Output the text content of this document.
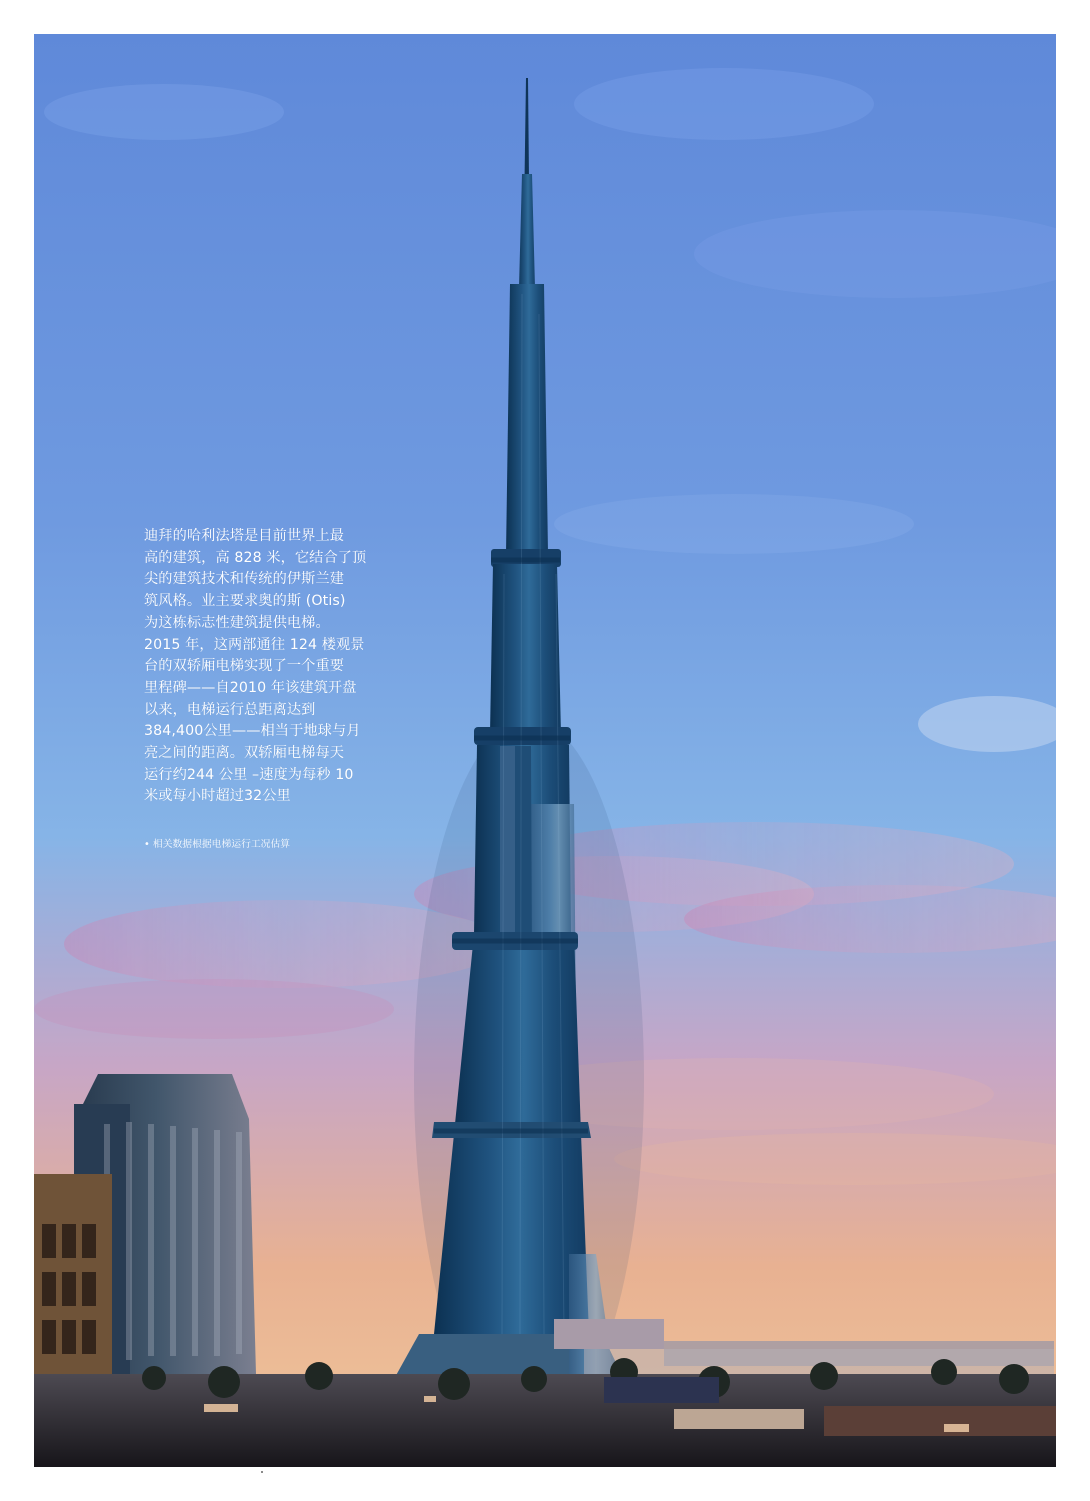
迪拜的哈利法塔是目前世界上最
高的建筑，高 828 米，它结合了顶
尖的建筑技术和传统的伊斯兰建
筑风格。业主要求奥的斯 (Otis)
为这栋标志性建筑提供电梯。
2015 年，这两部通往 124 楼观景
台的双轿厢电梯实现了一个重要
里程碑——自2010 年该建筑开盘
以来，电梯运行总距离达到
384,400公里——相当于地球与月
亮之间的距离。双轿厢电梯每天
运行约244 公里 –速度为每秒 10
米或每小时超过32公里
• 相关数据根据电梯运行工况估算
